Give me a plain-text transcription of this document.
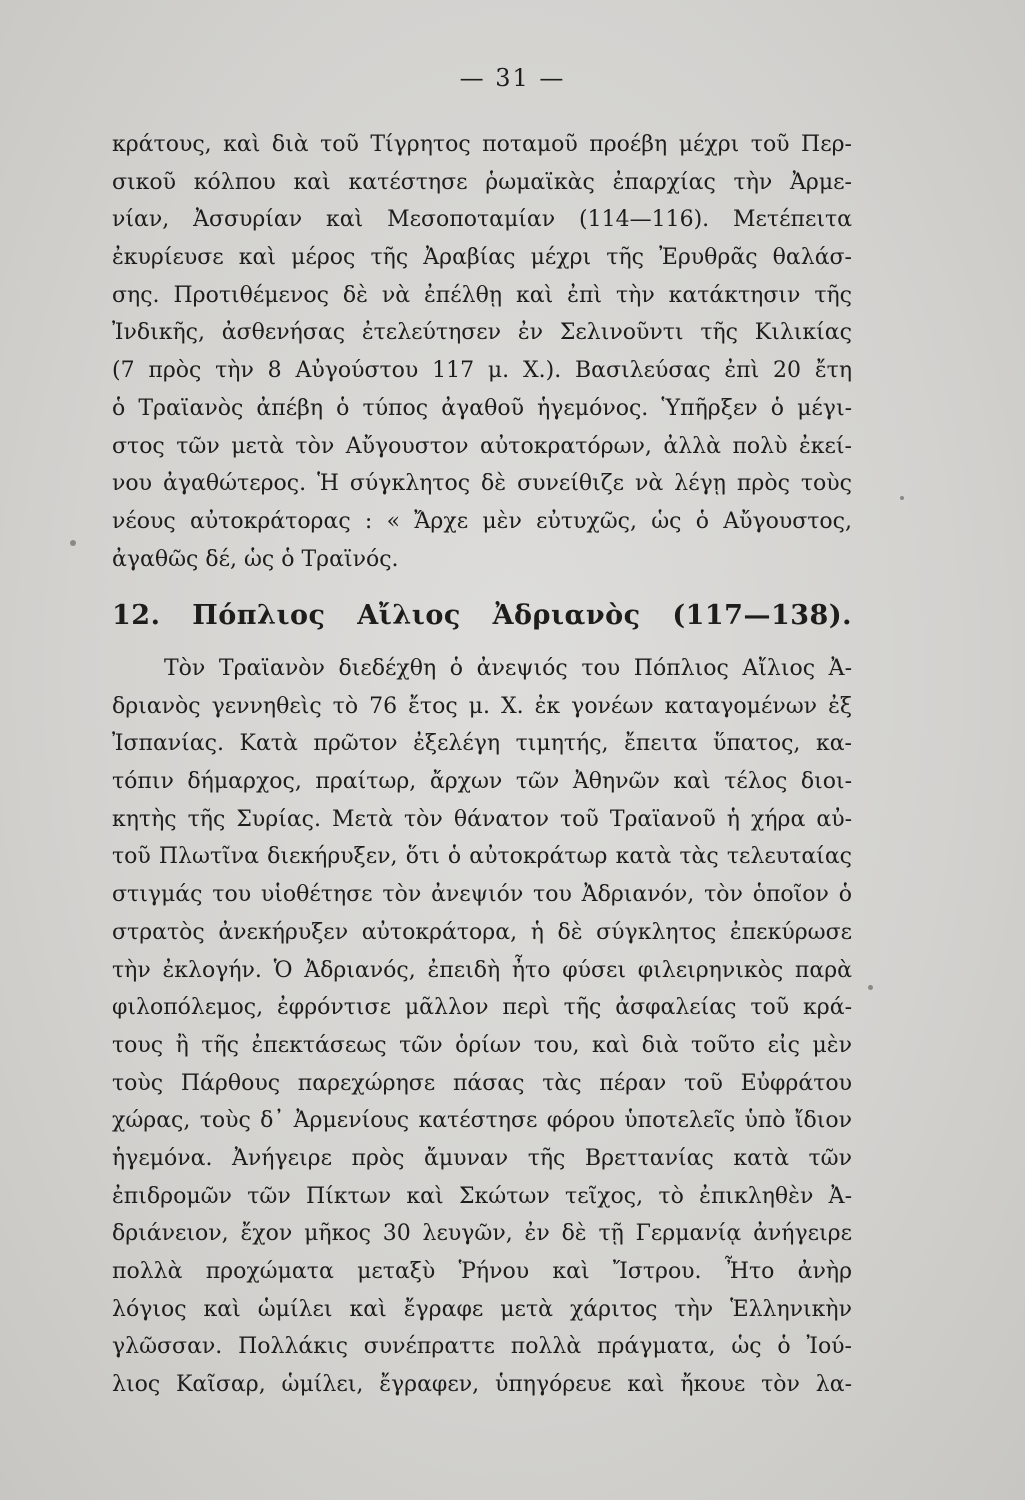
— 31 —
κράτους, καὶ διὰ τοῦ Τίγρητος ποταμοῦ προέβη μέχρι τοῦ Περ-
σικοῦ κόλπου καὶ κατέστησε ῥωμαϊκὰς ἐπαρχίας τὴν Ἀρμε-
νίαν, Ἀσσυρίαν καὶ Μεσοποταμίαν (114—116). Μετέπειτα
ἐκυρίευσε καὶ μέρος τῆς Ἀραβίας μέχρι τῆς Ἐρυθρᾶς θαλάσ-
σης. Προτιθέμενος δὲ νὰ ἐπέλθῃ καὶ ἐπὶ τὴν κατάκτησιν τῆς
Ἰνδικῆς, ἀσθενήσας ἐτελεύτησεν ἐν Σελινοῦντι τῆς Κιλικίας
(7 πρὸς τὴν 8 Αὐγούστου 117 μ. Χ.). Βασιλεύσας ἐπὶ 20 ἔτη
ὁ Τραϊανὸς ἀπέβη ὁ τύπος ἀγαθοῦ ἡγεμόνος. Ὑπῆρξεν ὁ μέγι-
στος τῶν μετὰ τὸν Αὔγουστον αὐτοκρατόρων, ἀλλὰ πολὺ ἐκεί-
νου ἀγαθώτερος. Ἡ σύγκλητος δὲ συνείθιζε νὰ λέγῃ πρὸς τοὺς
νέους αὐτοκράτορας : « Ἄρχε μὲν εὐτυχῶς, ὡς ὁ Αὔγουστος,
ἀγαθῶς δέ, ὡς ὁ Τραϊνός.
12. Πόπλιος Αἴλιος Ἀδριανὸς (117—138).
Τὸν Τραϊανὸν διεδέχθη ὁ ἀνεψιός του Πόπλιος Αἴλιος Ἀ-
δριανὸς γεννηθεὶς τὸ 76 ἔτος μ. Χ. ἐκ γονέων καταγομένων ἐξ
Ἰσπανίας. Κατὰ πρῶτον ἐξελέγη τιμητής, ἔπειτα ὕπατος, κα-
τόπιν δήμαρχος, πραίτωρ, ἄρχων τῶν Ἀθηνῶν καὶ τέλος διοι-
κητὴς τῆς Συρίας. Μετὰ τὸν θάνατον τοῦ Τραϊανοῦ ἡ χήρα αὐ-
τοῦ Πλωτῖνα διεκήρυξεν, ὅτι ὁ αὐτοκράτωρ κατὰ τὰς τελευταίας
στιγμάς του υἱοθέτησε τὸν ἀνεψιόν του Ἀδριανόν, τὸν ὁποῖον ὁ
στρατὸς ἀνεκήρυξεν αὐτοκράτορα, ἡ δὲ σύγκλητος ἐπεκύρωσε
τὴν ἐκλογήν. Ὁ Ἀδριανός, ἐπειδὴ ἦτο φύσει φιλειρηνικὸς παρὰ
φιλοπόλεμος, ἐφρόντισε μᾶλλον περὶ τῆς ἀσφαλείας τοῦ κρά-
τους ἢ τῆς ἐπεκτάσεως τῶν ὁρίων του, καὶ διὰ τοῦτο εἰς μὲν
τοὺς Πάρθους παρεχώρησε πάσας τὰς πέραν τοῦ Εὐφράτου
χώρας, τοὺς δ᾽ Ἀρμενίους κατέστησε φόρου ὑποτελεῖς ὑπὸ ἴδιον
ἡγεμόνα. Ἀνήγειρε πρὸς ἄμυναν τῆς Βρεττανίας κατὰ τῶν
ἐπιδρομῶν τῶν Πίκτων καὶ Σκώτων τεῖχος, τὸ ἐπικληθὲν Ἀ-
δριάνειον, ἔχον μῆκος 30 λευγῶν, ἐν δὲ τῇ Γερμανίᾳ ἀνήγειρε
πολλὰ προχώματα μεταξὺ Ῥήνου καὶ Ἴστρου. Ἦτο ἀνὴρ
λόγιος καὶ ὡμίλει καὶ ἔγραφε μετὰ χάριτος τὴν Ἑλληνικὴν
γλῶσσαν. Πολλάκις συνέπραττε πολλὰ πράγματα, ὡς ὁ Ἰού-
λιος Καῖσαρ, ὡμίλει, ἔγραφεν, ὑπηγόρευε καὶ ἤκουε τὸν λα-
